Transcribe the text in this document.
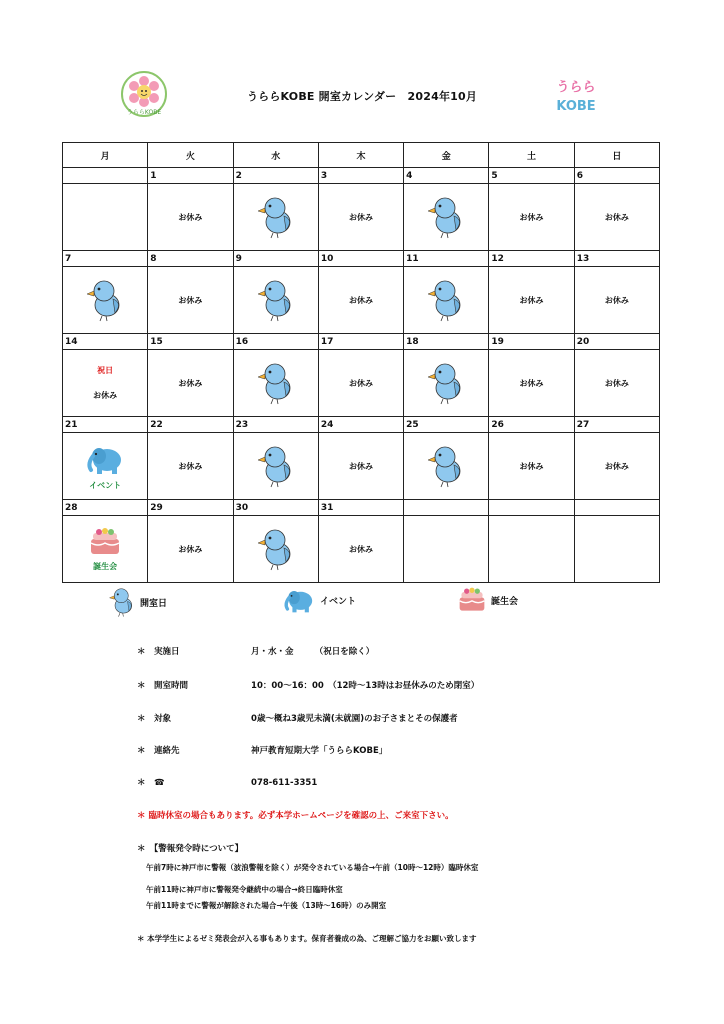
うららKOBE
うらら
KOBE
うららKOBE 開室カレンダー　2024年10月
月	火	水	木	金	土	日
	1	2	3	4	5	6

	お休み		お休み		お休み	お休み

7	8	9	10	11	12	13

お休み		お休み		お休み	お休み

14	15	16	17	18	19	20

祝日
お休み	お休み		お休み		お休み	お休み

21	22	23	24	25	26	27

イベント	お休み		お休み		お休み	お休み

28	29	30	31			

誕生会	お休み		お休み			

開室日	イベント	誕生会
＊　 実施日	月・水・金　　　（祝日を除く）
＊　 開室時間	10：00～16：00　（12時～13時はお昼休みのため閉室）
＊　 対象	0歳～概ね3歳児未満(未就園)のお子さまとその保護者
＊　 連絡先	神戸教育短期大学「うららKOBE」
＊　 ☎	078-611-3351
＊ 臨時休室の場合もあります。必ず本学ホームページを確認の上、ご来室下さい。
＊　【警報発令時について】
午前7時に神戸市に警報（波浪警報を除く）が発令されている場合→午前（10時～12時）臨時休室
午前11時に神戸市に警報発令継続中の場合→終日臨時休室
午前11時までに警報が解除された場合→午後（13時～16時）のみ開室
＊ 本学学生によるゼミ発表会が入る事もあります。保育者養成の為、ご理解ご協力をお願い致します
